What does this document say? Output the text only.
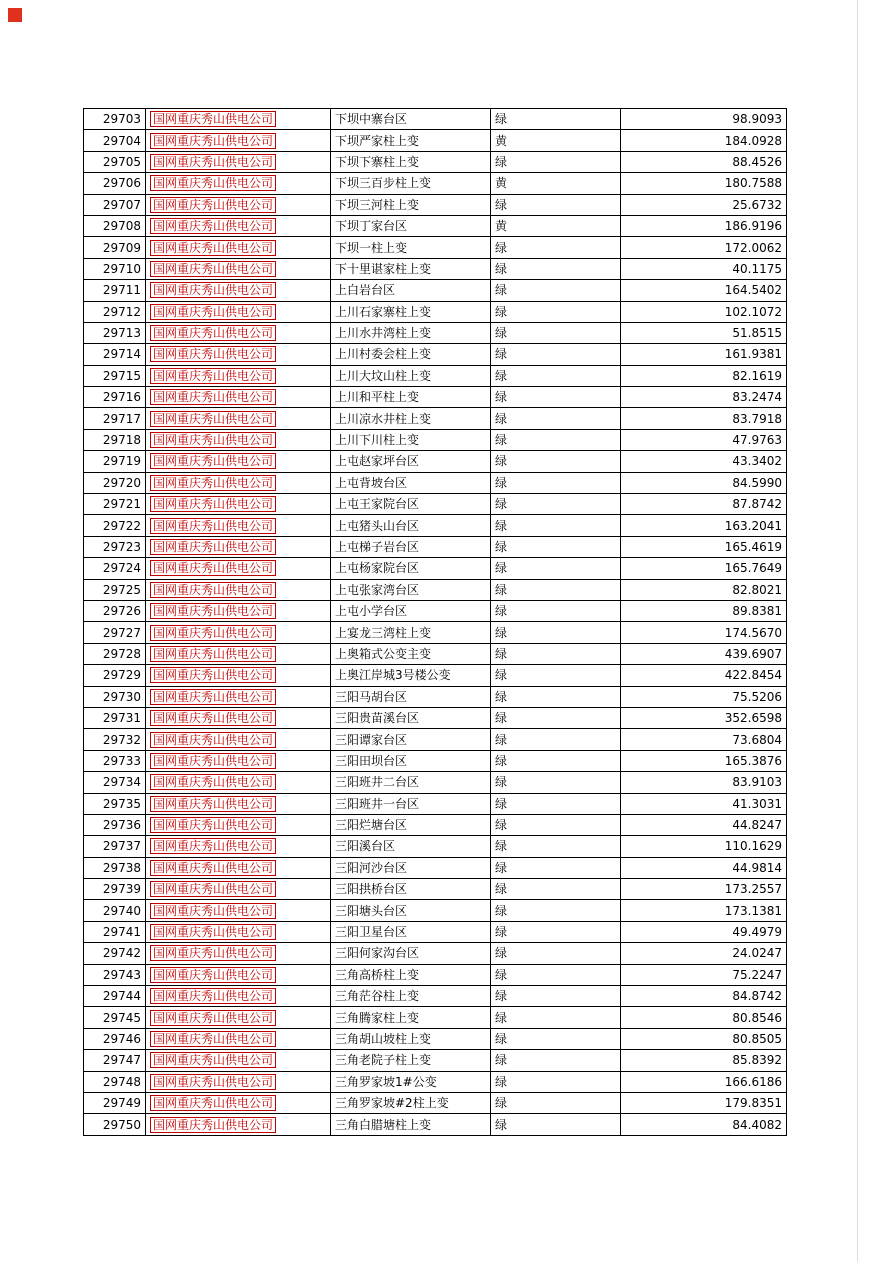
29703	国网重庆秀山供电公司	下坝中寨台区	绿	98.9093
29704	国网重庆秀山供电公司	下坝严家柱上变	黄	184.0928
29705	国网重庆秀山供电公司	下坝下寨柱上变	绿	88.4526
29706	国网重庆秀山供电公司	下坝三百步柱上变	黄	180.7588
29707	国网重庆秀山供电公司	下坝三河柱上变	绿	25.6732
29708	国网重庆秀山供电公司	下坝丁家台区	黄	186.9196
29709	国网重庆秀山供电公司	下坝一柱上变	绿	172.0062
29710	国网重庆秀山供电公司	下十里谌家柱上变	绿	40.1175
29711	国网重庆秀山供电公司	上白岩台区	绿	164.5402
29712	国网重庆秀山供电公司	上川石家寨柱上变	绿	102.1072
29713	国网重庆秀山供电公司	上川水井湾柱上变	绿	51.8515
29714	国网重庆秀山供电公司	上川村委会柱上变	绿	161.9381
29715	国网重庆秀山供电公司	上川大坟山柱上变	绿	82.1619
29716	国网重庆秀山供电公司	上川和平柱上变	绿	83.2474
29717	国网重庆秀山供电公司	上川凉水井柱上变	绿	83.7918
29718	国网重庆秀山供电公司	上川下川柱上变	绿	47.9763
29719	国网重庆秀山供电公司	上屯赵家坪台区	绿	43.3402
29720	国网重庆秀山供电公司	上屯背坡台区	绿	84.5990
29721	国网重庆秀山供电公司	上屯王家院台区	绿	87.8742
29722	国网重庆秀山供电公司	上屯猪头山台区	绿	163.2041
29723	国网重庆秀山供电公司	上屯梯子岩台区	绿	165.4619
29724	国网重庆秀山供电公司	上屯杨家院台区	绿	165.7649
29725	国网重庆秀山供电公司	上屯张家湾台区	绿	82.8021
29726	国网重庆秀山供电公司	上屯小学台区	绿	89.8381
29727	国网重庆秀山供电公司	上宴龙三湾柱上变	绿	174.5670
29728	国网重庆秀山供电公司	上奥箱式公变主变	绿	439.6907
29729	国网重庆秀山供电公司	上奥江岸城3号楼公变	绿	422.8454
29730	国网重庆秀山供电公司	三阳马胡台区	绿	75.5206
29731	国网重庆秀山供电公司	三阳贵苗溪台区	绿	352.6598
29732	国网重庆秀山供电公司	三阳谭家台区	绿	73.6804
29733	国网重庆秀山供电公司	三阳田坝台区	绿	165.3876
29734	国网重庆秀山供电公司	三阳班井二台区	绿	83.9103
29735	国网重庆秀山供电公司	三阳班井一台区	绿	41.3031
29736	国网重庆秀山供电公司	三阳烂塘台区	绿	44.8247
29737	国网重庆秀山供电公司	三阳溪台区	绿	110.1629
29738	国网重庆秀山供电公司	三阳河沙台区	绿	44.9814
29739	国网重庆秀山供电公司	三阳拱桥台区	绿	173.2557
29740	国网重庆秀山供电公司	三阳塘头台区	绿	173.1381
29741	国网重庆秀山供电公司	三阳卫星台区	绿	49.4979
29742	国网重庆秀山供电公司	三阳何家沟台区	绿	24.0247
29743	国网重庆秀山供电公司	三角高桥柱上变	绿	75.2247
29744	国网重庆秀山供电公司	三角茫谷柱上变	绿	84.8742
29745	国网重庆秀山供电公司	三角腾家柱上变	绿	80.8546
29746	国网重庆秀山供电公司	三角胡山坡柱上变	绿	80.8505
29747	国网重庆秀山供电公司	三角老院子柱上变	绿	85.8392
29748	国网重庆秀山供电公司	三角罗家坡1#公变	绿	166.6186
29749	国网重庆秀山供电公司	三角罗家坡#2柱上变	绿	179.8351
29750	国网重庆秀山供电公司	三角白腊塘柱上变	绿	84.4082
